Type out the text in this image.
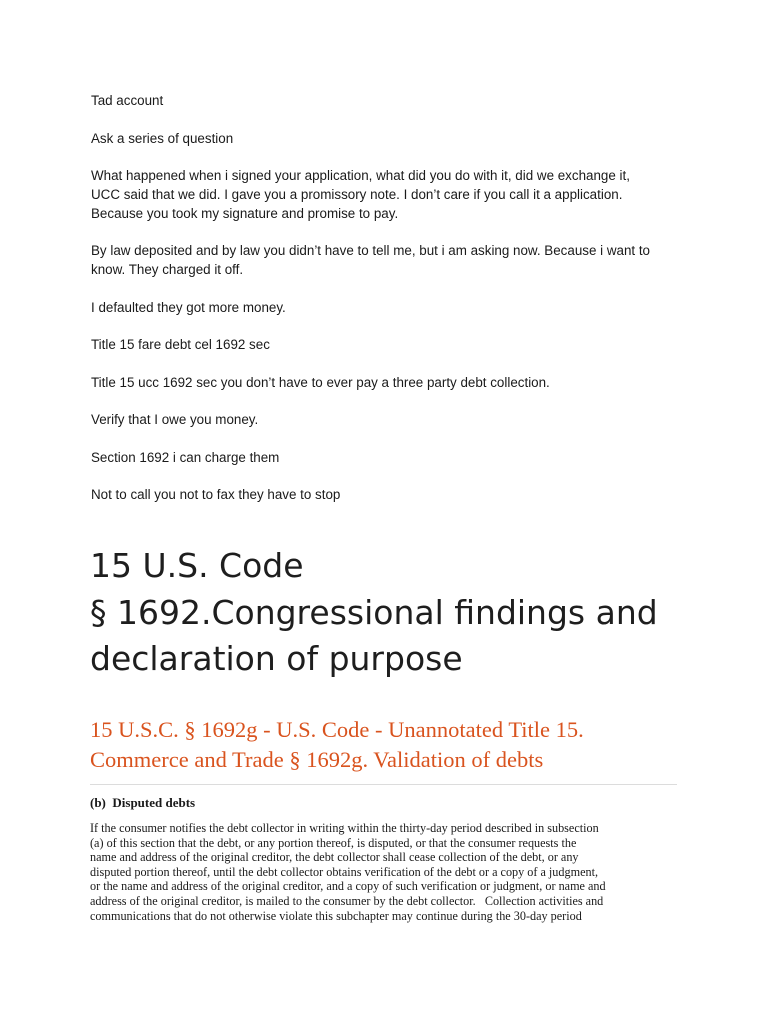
Tad account

Ask a series of question

What happened when i signed your application, what did you do with it, did we exchange it,
UCC said that we did. I gave you a promissory note. I don’t care if you call it a application.
Because you took my signature and promise to pay.

By law deposited and by law you didn’t have to tell me, but i am asking now. Because i want to
know. They charged it off.

I defaulted they got more money.

Title 15 fare debt cel 1692 sec

Title 15 ucc 1692 sec you don’t have to ever pay a three party debt collection.

Verify that I owe you money.

Section 1692 i can charge them

Not to call you not to fax they have to stop

15 U.S. Code
§ 1692.Congressional findings and
declaration of purpose
15 U.S.C. § 1692g - U.S. Code - Unannotated Title 15.
Commerce and Trade § 1692g. Validation of debts
(b)  Disputed debts
If the consumer notifies the debt collector in writing within the thirty-day period described in subsection
(a) of this section that the debt, or any portion thereof, is disputed, or that the consumer requests the
name and address of the original creditor, the debt collector shall cease collection of the debt, or any
disputed portion thereof, until the debt collector obtains verification of the debt or a copy of a judgment,
or the name and address of the original creditor, and a copy of such verification or judgment, or name and
address of the original creditor, is mailed to the consumer by the debt collector.   Collection activities and
communications that do not otherwise violate this subchapter may continue during the 30-day period
